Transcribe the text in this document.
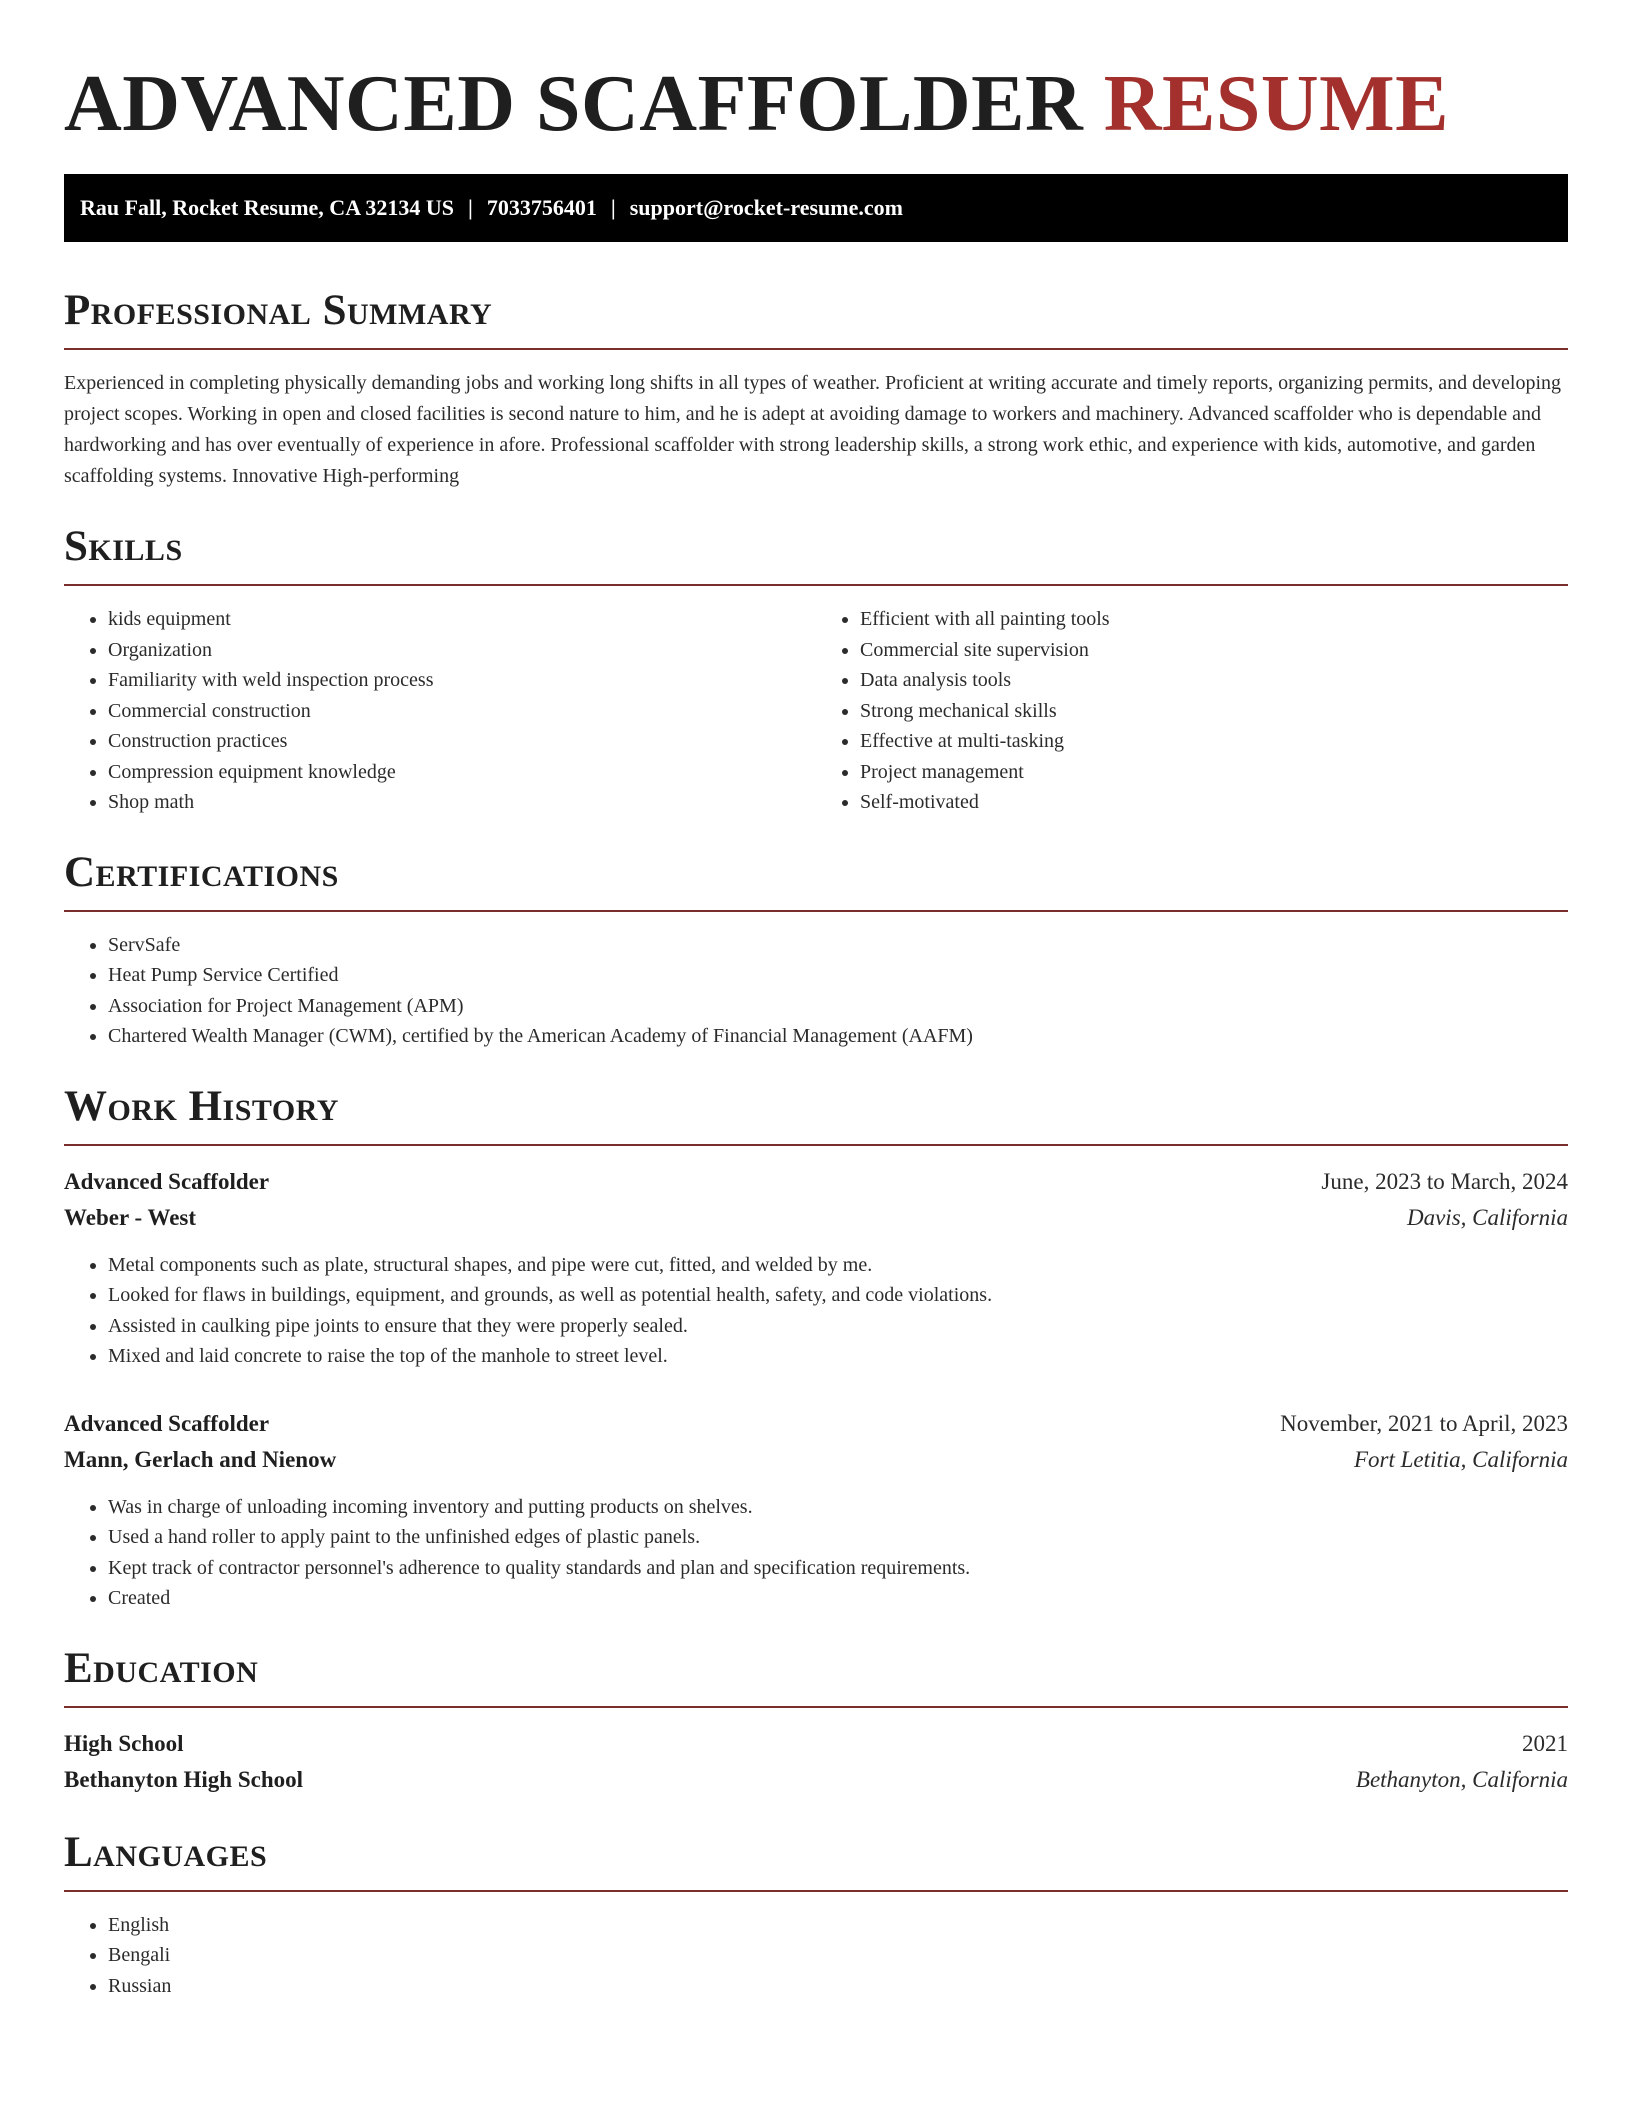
ADVANCED SCAFFOLDER RESUME
Rau Fall, Rocket Resume, CA 32134 US | 7033756401 | support@rocket-resume.com
Professional Summary

Experienced in completing physically demanding jobs and working long shifts in all types of weather. Proficient at writing accurate and timely reports, organizing permits, and developing project scopes. Working in open and closed facilities is second nature to him, and he is adept at avoiding damage to workers and machinery. Advanced scaffolder who is dependable and hardworking and has over eventually of experience in afore. Professional scaffolder with strong leadership skills, a strong work ethic, and experience with kids, automotive, and garden scaffolding systems. Innovative High-performing

Skills
• kids equipment
• Organization
• Familiarity with weld inspection process
• Commercial construction
• Construction practices
• Compression equipment knowledge
• Shop math
• Efficient with all painting tools
• Commercial site supervision
• Data analysis tools
• Strong mechanical skills
• Effective at multi-tasking
• Project management
• Self-motivated
Certifications
• ServSafe
• Heat Pump Service Certified
• Association for Project Management (APM)
• Chartered Wealth Manager (CWM), certified by the American Academy of Financial Management (AAFM)
Work History
Advanced Scaffolder	June, 2023 to March, 2024
Weber - West	Davis, California
• Metal components such as plate, structural shapes, and pipe were cut, fitted, and welded by me.
• Looked for flaws in buildings, equipment, and grounds, as well as potential health, safety, and code violations.
• Assisted in caulking pipe joints to ensure that they were properly sealed.
• Mixed and laid concrete to raise the top of the manhole to street level.
Advanced Scaffolder	November, 2021 to April, 2023
Mann, Gerlach and Nienow	Fort Letitia, California
• Was in charge of unloading incoming inventory and putting products on shelves.
• Used a hand roller to apply paint to the unfinished edges of plastic panels.
• Kept track of contractor personnel's adherence to quality standards and plan and specification requirements.
• Created
Education
High School	2021
Bethanyton High School	Bethanyton, California
Languages
• English
• Bengali
• Russian
